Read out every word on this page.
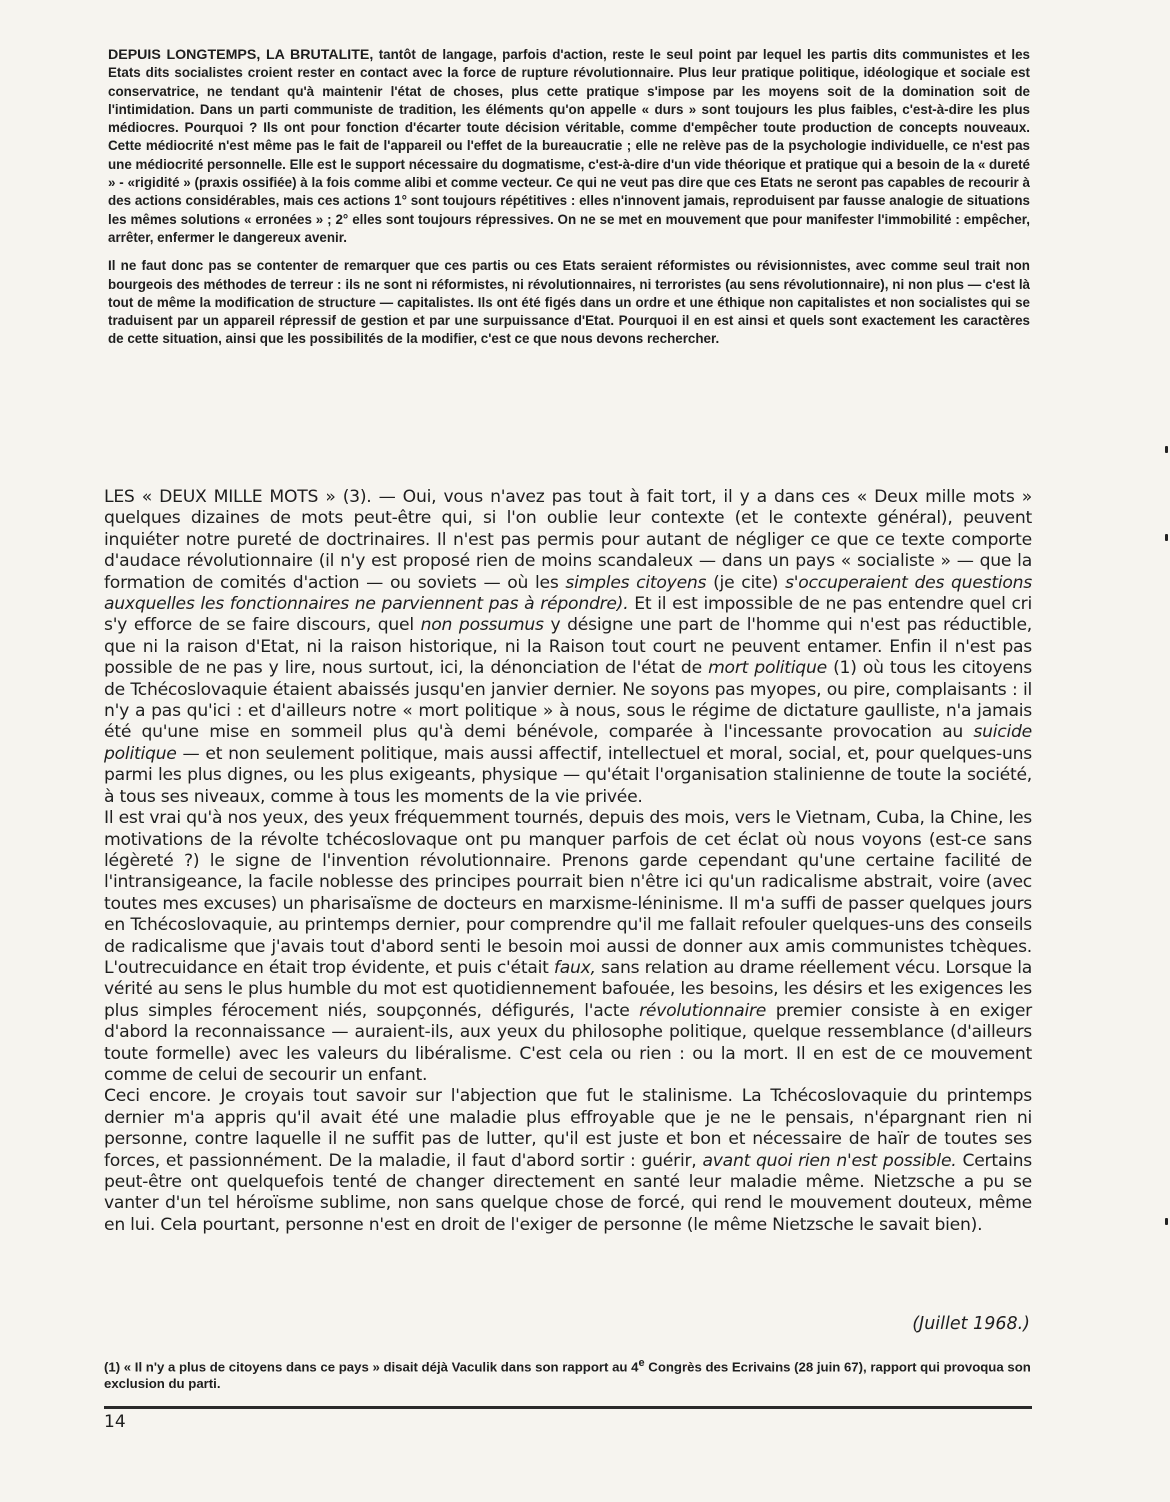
DEPUIS LONGTEMPS, LA BRUTALITE, tantôt de langage, parfois d'action, reste le seul point par lequel les partis dits communistes et les Etats dits socialistes croient rester en contact avec la force de rupture révolutionnaire. Plus leur pratique politique, idéologique et sociale est conservatrice, ne tendant qu'à maintenir l'état de choses, plus cette pratique s'impose par les moyens soit de la domination soit de l'intimidation. Dans un parti communiste de tradition, les éléments qu'on appelle « durs » sont toujours les plus faibles, c'est-à-dire les plus médiocres. Pourquoi ? Ils ont pour fonction d'écarter toute décision véritable, comme d'empêcher toute production de concepts nouveaux. Cette médiocrité n'est même pas le fait de l'appareil ou l'effet de la bureaucratie ; elle ne relève pas de la psychologie individuelle, ce n'est pas une médiocrité personnelle. Elle est le support nécessaire du dogmatisme, c'est-à-dire d'un vide théorique et pratique qui a besoin de la « dureté » - «rigidité » (praxis ossifiée) à la fois comme alibi et comme vecteur. Ce qui ne veut pas dire que ces Etats ne seront pas capables de recourir à des actions considérables, mais ces actions 1° sont toujours répétitives : elles n'innovent jamais, reproduisent par fausse analogie de situations les mêmes solutions « erronées » ; 2° elles sont toujours répressives. On ne se met en mouvement que pour manifester l'immobilité : empêcher, arrêter, enfermer le dangereux avenir.

Il ne faut donc pas se contenter de remarquer que ces partis ou ces Etats seraient réformistes ou révisionnistes, avec comme seul trait non bourgeois des méthodes de terreur : ils ne sont ni réformistes, ni révolutionnaires, ni terroristes (au sens révolutionnaire), ni non plus — c'est là tout de même la modification de structure — capitalistes. Ils ont été figés dans un ordre et une éthique non capitalistes et non socialistes qui se traduisent par un appareil répressif de gestion et par une surpuissance d'Etat. Pourquoi il en est ainsi et quels sont exactement les caractères de cette situation, ainsi que les possibilités de la modifier, c'est ce que nous devons rechercher.

LES « DEUX MILLE MOTS » (3). — Oui, vous n'avez pas tout à fait tort, il y a dans ces « Deux mille mots » quelques dizaines de mots peut-être qui, si l'on oublie leur contexte (et le contexte général), peuvent inquiéter notre pureté de doctrinaires. Il n'est pas permis pour autant de négliger ce que ce texte comporte d'audace révolutionnaire (il n'y est proposé rien de moins scandaleux — dans un pays « socialiste » — que la formation de comités d'action — ou soviets — où les simples citoyens (je cite) s'occuperaient des questions auxquelles les fonctionnaires ne parviennent pas à répondre). Et il est impossible de ne pas entendre quel cri s'y efforce de se faire discours, quel non possumus y désigne une part de l'homme qui n'est pas réductible, que ni la raison d'Etat, ni la raison historique, ni la Raison tout court ne peuvent entamer. Enfin il n'est pas possible de ne pas y lire, nous surtout, ici, la dénonciation de l'état de mort politique (1) où tous les citoyens de Tchécoslovaquie étaient abaissés jusqu'en janvier dernier. Ne soyons pas myopes, ou pire, complaisants : il n'y a pas qu'ici : et d'ailleurs notre « mort politique » à nous, sous le régime de dictature gaulliste, n'a jamais été qu'une mise en sommeil plus qu'à demi bénévole, comparée à l'incessante provocation au suicide politique — et non seulement politique, mais aussi affectif, intellectuel et moral, social, et, pour quelques-uns parmi les plus dignes, ou les plus exigeants, physique — qu'était l'organisation stalinienne de toute la société, à tous ses niveaux, comme à tous les moments de la vie privée.

Il est vrai qu'à nos yeux, des yeux fréquemment tournés, depuis des mois, vers le Vietnam, Cuba, la Chine, les motivations de la révolte tchécoslovaque ont pu manquer parfois de cet éclat où nous voyons (est-ce sans légèreté ?) le signe de l'invention révolutionnaire. Prenons garde cependant qu'une certaine facilité de l'intransigeance, la facile noblesse des principes pourrait bien n'être ici qu'un radicalisme abstrait, voire (avec toutes mes excuses) un pharisaïsme de docteurs en marxisme-léninisme. Il m'a suffi de passer quelques jours en Tchécoslovaquie, au printemps dernier, pour comprendre qu'il me fallait refouler quelques-uns des conseils de radicalisme que j'avais tout d'abord senti le besoin moi aussi de donner aux amis communistes tchèques. L'outrecuidance en était trop évidente, et puis c'était faux, sans relation au drame réellement vécu. Lorsque la vérité au sens le plus humble du mot est quotidiennement bafouée, les besoins, les désirs et les exigences les plus simples férocement niés, soupçonnés, défigurés, l'acte révolutionnaire premier consiste à en exiger d'abord la reconnaissance — auraient-ils, aux yeux du philosophe politique, quelque ressemblance (d'ailleurs toute formelle) avec les valeurs du libéralisme. C'est cela ou rien : ou la mort. Il en est de ce mouvement comme de celui de secourir un enfant.

Ceci encore. Je croyais tout savoir sur l'abjection que fut le stalinisme. La Tchécoslovaquie du printemps dernier m'a appris qu'il avait été une maladie plus effroyable que je ne le pensais, n'épargnant rien ni personne, contre laquelle il ne suffit pas de lutter, qu'il est juste et bon et nécessaire de haïr de toutes ses forces, et passionnément. De la maladie, il faut d'abord sortir : guérir, avant quoi rien n'est possible. Certains peut-être ont quelquefois tenté de changer directement en santé leur maladie même. Nietzsche a pu se vanter d'un tel héroïsme sublime, non sans quelque chose de forcé, qui rend le mouvement douteux, même en lui. Cela pourtant, personne n'est en droit de l'exiger de personne (le même Nietzsche le savait bien).

(Juillet 1968.)

(1) « Il n'y a plus de citoyens dans ce pays » disait déjà Vaculik dans son rapport au 4e Congrès des Ecrivains (28 juin 67), rapport qui provoqua son exclusion du parti.

14
